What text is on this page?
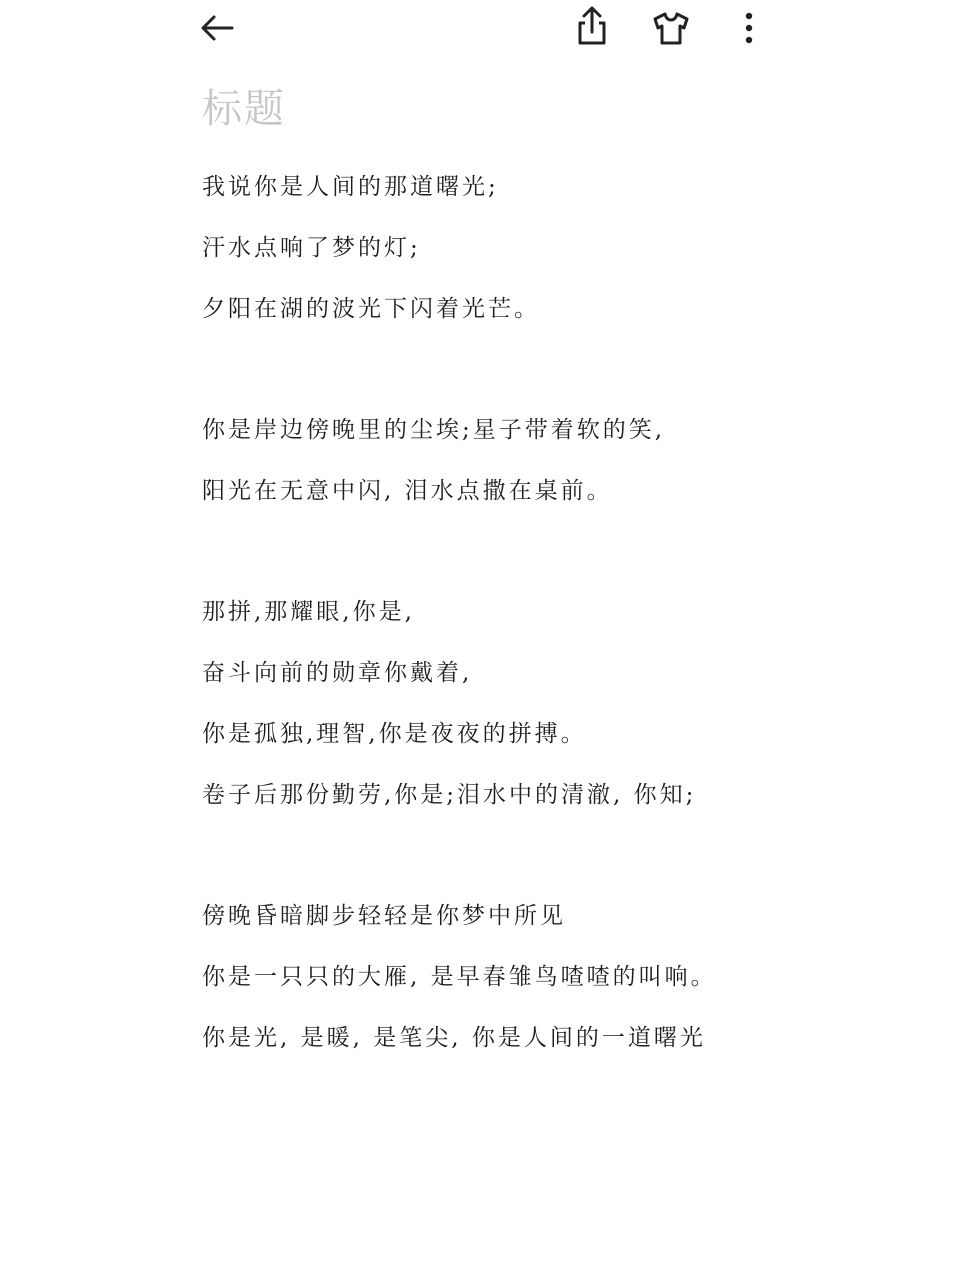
标题
我说你是人间的那道曙光;
汗水点响了梦的灯;
夕阳在湖的波光下闪着光芒。
你是岸边傍晚里的尘埃;星子带着软的笑,
阳光在无意中闪, 泪水点撒在桌前。
那拼,那耀眼,你是,
奋斗向前的勋章你戴着,
你是孤独,理智,你是夜夜的拼搏。
卷子后那份勤劳,你是;泪水中的清澈, 你知;
傍晚昏暗脚步轻轻是你梦中所见
你是一只只的大雁, 是早春雏鸟喳喳的叫响。
你是光, 是暖, 是笔尖, 你是人间的一道曙光
